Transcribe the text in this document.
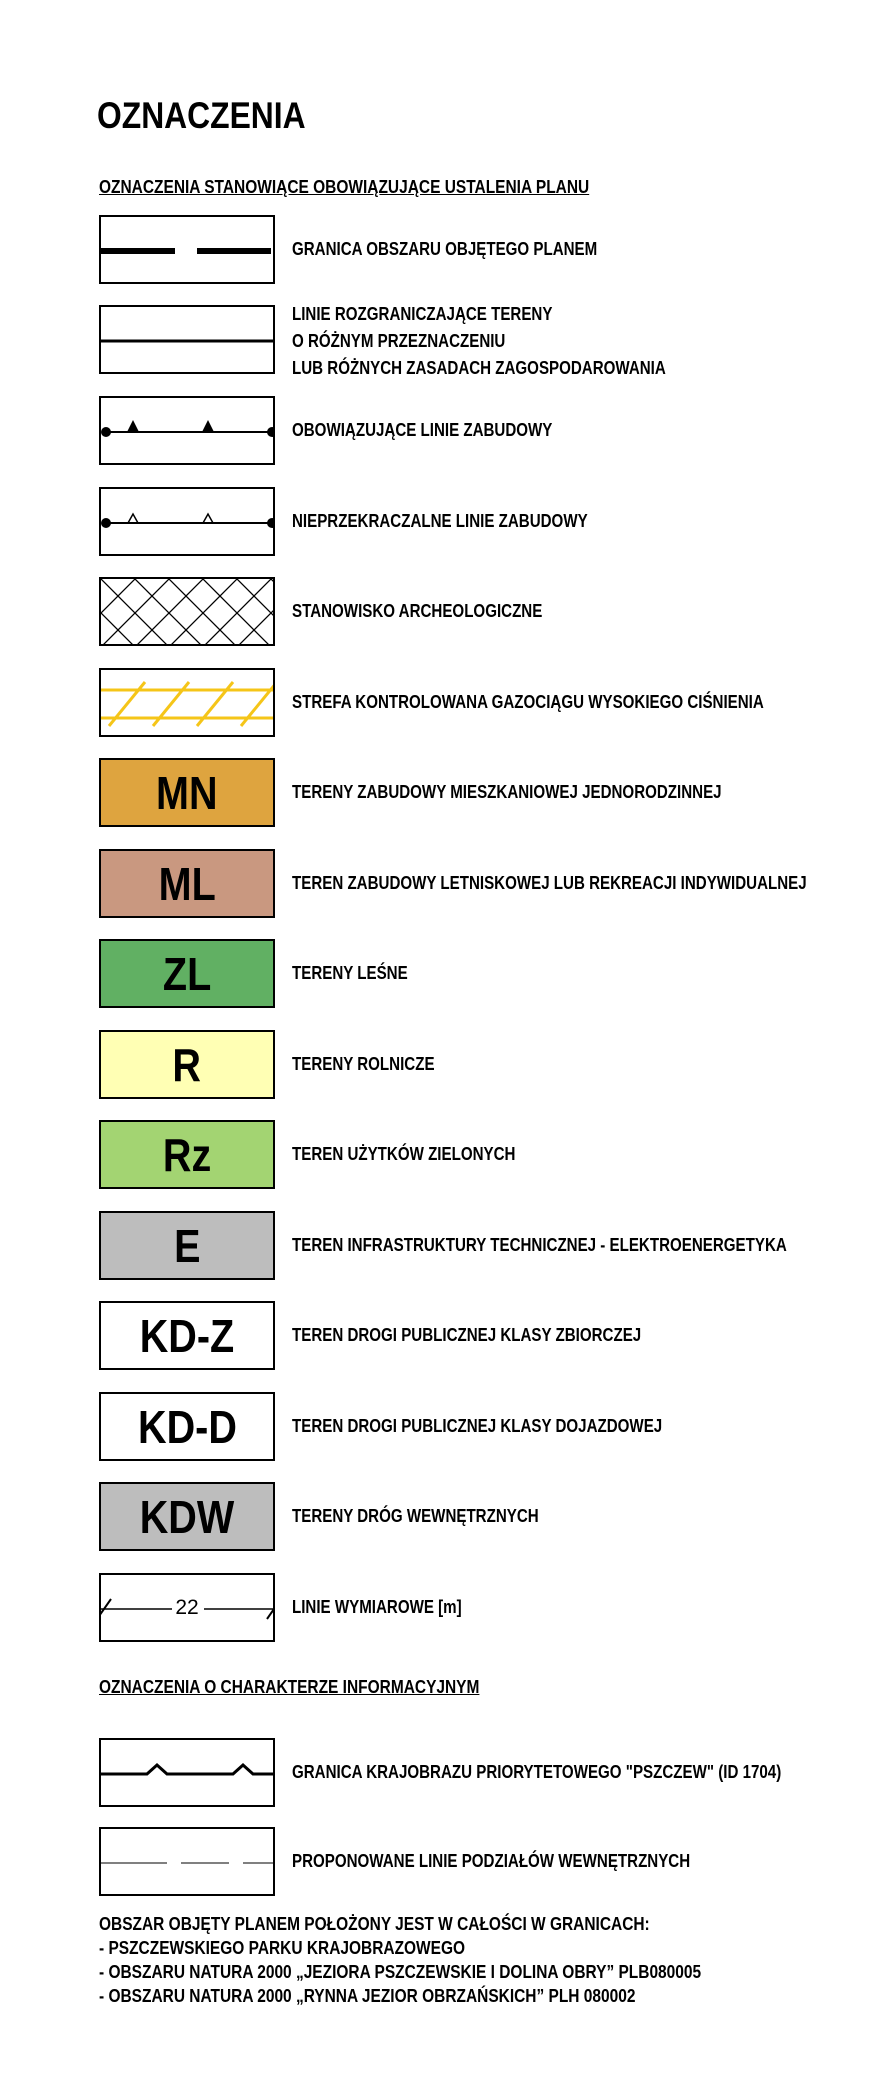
OZNACZENIA
OZNACZENIA STANOWIĄCE OBOWIĄZUJĄCE USTALENIA PLANU
GRANICA OBSZARU OBJĘTEGO PLANEM
LINIE ROZGRANICZAJĄCE TERENY
O RÓŻNYM PRZEZNACZENIU
LUB RÓŻNYCH ZASADACH ZAGOSPODAROWANIA
OBOWIĄZUJĄCE LINIE ZABUDOWY
NIEPRZEKRACZALNE LINIE ZABUDOWY
STANOWISKO ARCHEOLOGICZNE
STREFA KONTROLOWANA GAZOCIĄGU WYSOKIEGO CIŚNIENIA
MN	TERENY ZABUDOWY MIESZKANIOWEJ JEDNORODZINNEJ
ML	TEREN ZABUDOWY LETNISKOWEJ LUB REKREACJI INDYWIDUALNEJ
ZL	TERENY LEŚNE
R	TERENY ROLNICZE
Rz	TEREN UŻYTKÓW ZIELONYCH
E	TEREN INFRASTRUKTURY TECHNICZNEJ - ELEKTROENERGETYKA
KD-Z	TEREN DROGI PUBLICZNEJ KLASY ZBIORCZEJ
KD-D	TEREN DROGI PUBLICZNEJ KLASY DOJAZDOWEJ
KDW	TERENY DRÓG WEWNĘTRZNYCH
22	LINIE WYMIAROWE [m]
OZNACZENIA O CHARAKTERZE INFORMACYJNYM
GRANICA KRAJOBRAZU PRIORYTETOWEGO "PSZCZEW" (ID 1704)
PROPONOWANE LINIE PODZIAŁÓW WEWNĘTRZNYCH
OBSZAR OBJĘTY PLANEM POŁOŻONY JEST W CAŁOŚCI W GRANICACH:
- PSZCZEWSKIEGO PARKU KRAJOBRAZOWEGO
- OBSZARU NATURA 2000 „JEZIORA PSZCZEWSKIE I DOLINA OBRY” PLB080005
- OBSZARU NATURA 2000 „RYNNA JEZIOR OBRZAŃSKICH” PLH 080002
